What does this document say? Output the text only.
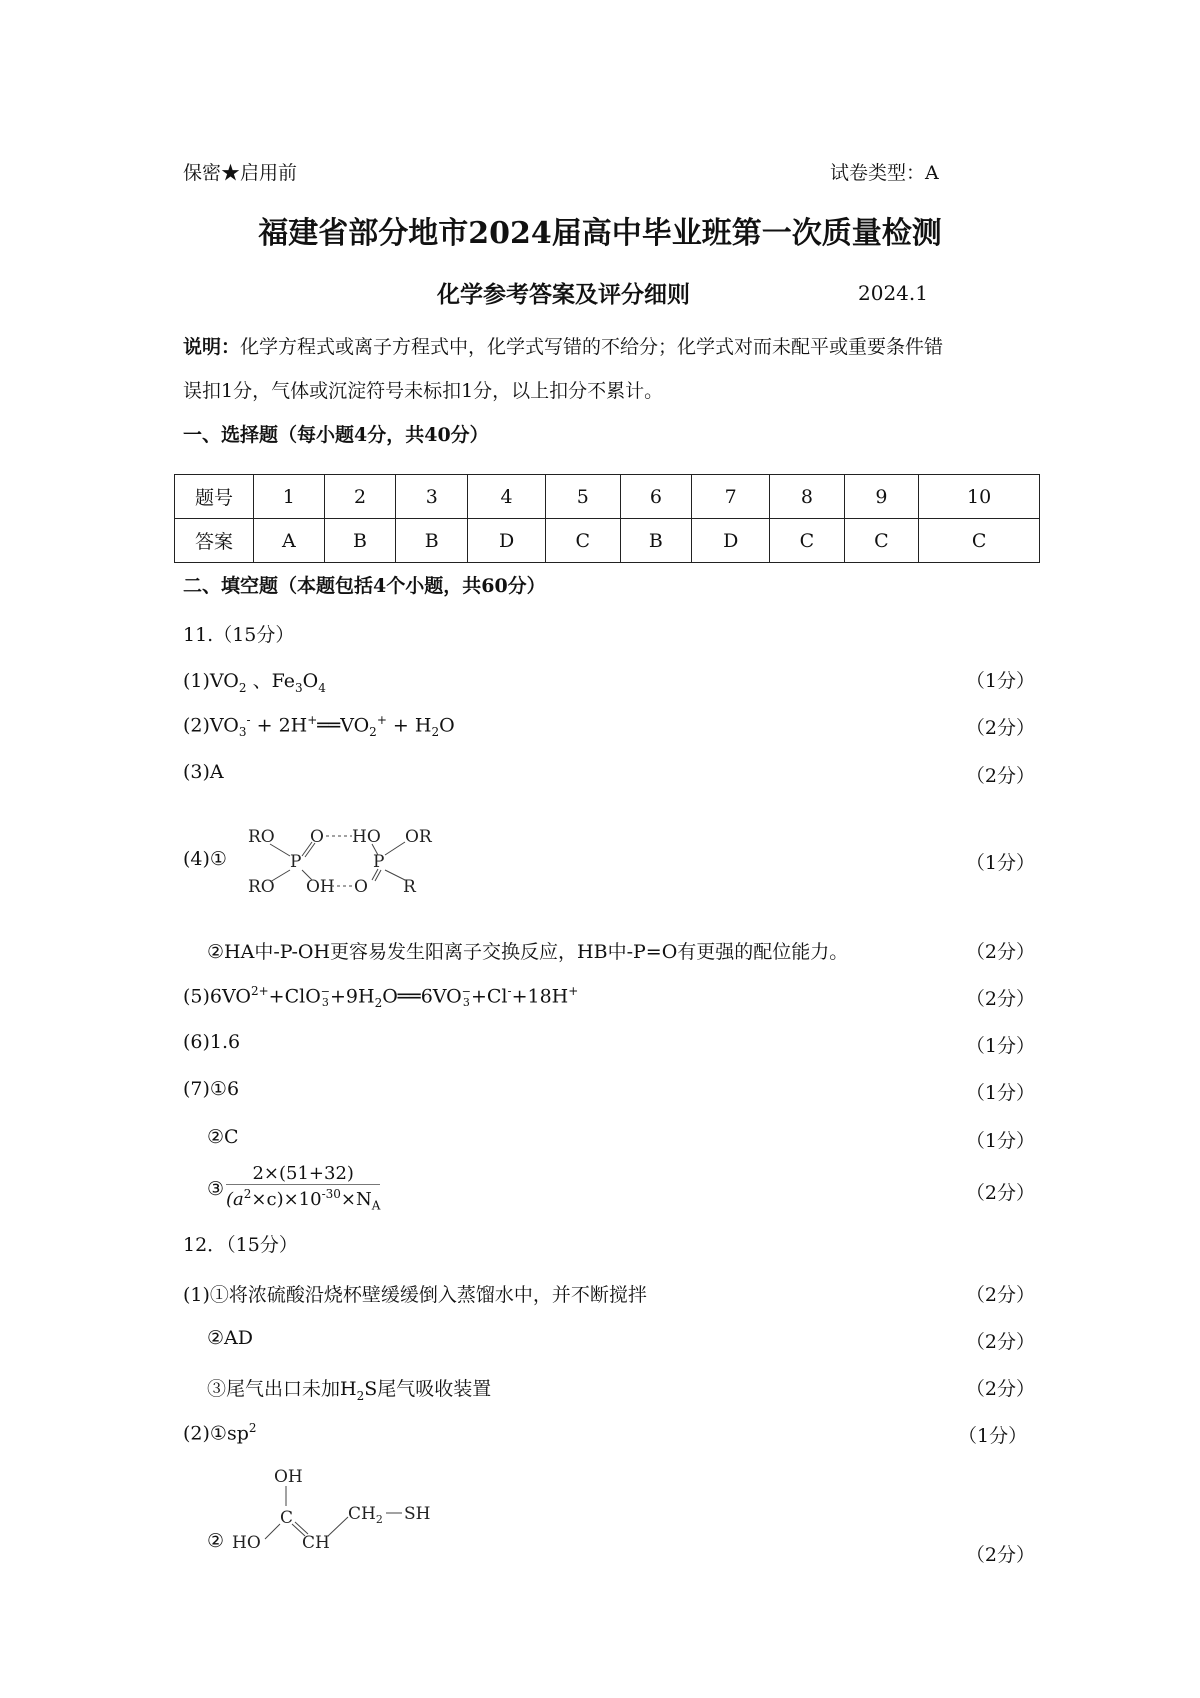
保密★启用前	试卷类型：A
福建省部分地市2024届高中毕业班第一次质量检测
化学参考答案及评分细则	2024.1
说明：化学方程式或离子方程式中，化学式写错的不给分；化学式对而未配平或重要条件错
误扣1分，气体或沉淀符号未标扣1分，以上扣分不累计。
一、选择题（每小题4分，共40分）
题号	1	2	3	4	5	6	7	8	9	10
答案	A	B	B	D	C	B	D	C	C	C
二、填空题（本题包括4个小题，共60分）
11.（15分）
$(1)VO_2$ 、$Fe_3O_4$	（1分）
$(2)VO_3^-$ + $2H^+══VO_2^+ + H_2O$	（2分）
(3)A	（2分）
(4)①
RO
RO
P
O
OH
HO
P
O
OR
R
（1分）
②HA中-P-OH更容易发生阳离子交换反应，HB中-P=O有更强的配位能力。	（2分）
$(5)6VO^{2+}+ClO$ −
$3 +9H_2O══6VO$ −
3 +Cl-+18H+	（2分）
(6)1.6	（1分）
(7)①6	（1分）
②C	（1分）
③ $\frac{2\times(51+32)}{(a^2\times c)\times 10^{-30}\times N_A}$	（2分）
12．（15分）
(1)①将浓硫酸沿烧杯壁缓缓倒入蒸馏水中，并不断搅拌	（2分）
②AD	（2分）
③尾气出口未加$H_2S$尾气吸收装置	（2分）
$(2)①sp^2$	（1分）
②
OH
HO
C
CH
$CH_2$ SH
（2分）
